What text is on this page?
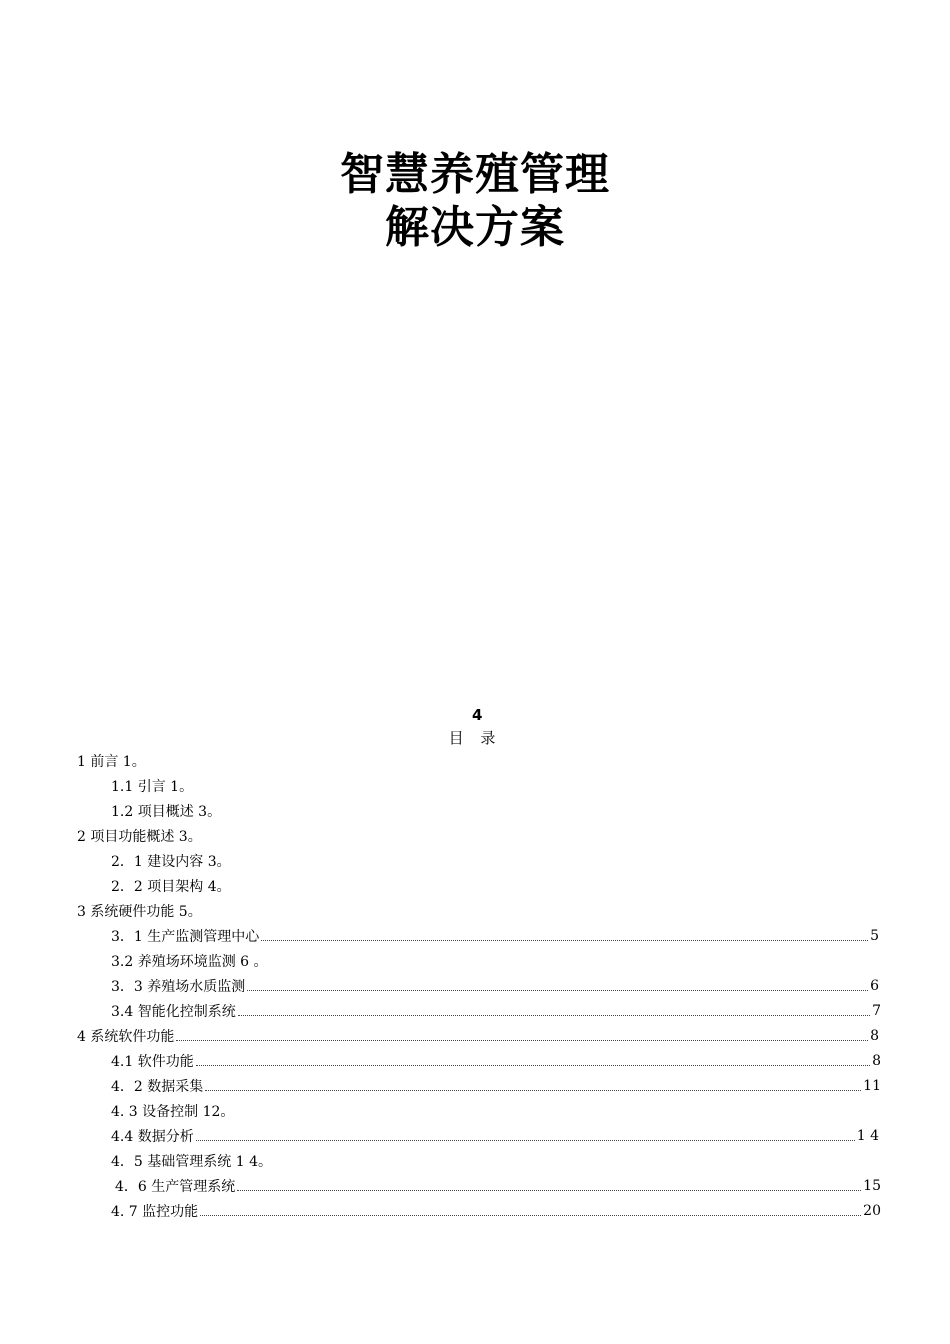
智慧养殖管理
解决方案
4
目 录
1 前言 1。
1.1 引言 1。
1.2 项目概述 3。
2 项目功能概述 3。
2．1 建设内容 3。
2．2 项目架构 4。
3 系统硬件功能 5。
3．1 生产监测管理中心	5
3.2 养殖场环境监测 6 。
3．3 养殖场水质监测	6
3.4 智能化控制系统	7
4 系统软件功能	8
4.1 软件功能	8
4．2 数据采集	11
4. 3 设备控制 12。
4.4 数据分析	1 4
4．5 基础管理系统 1 4。
4．6 生产管理系统	15
4. 7 监控功能	20
